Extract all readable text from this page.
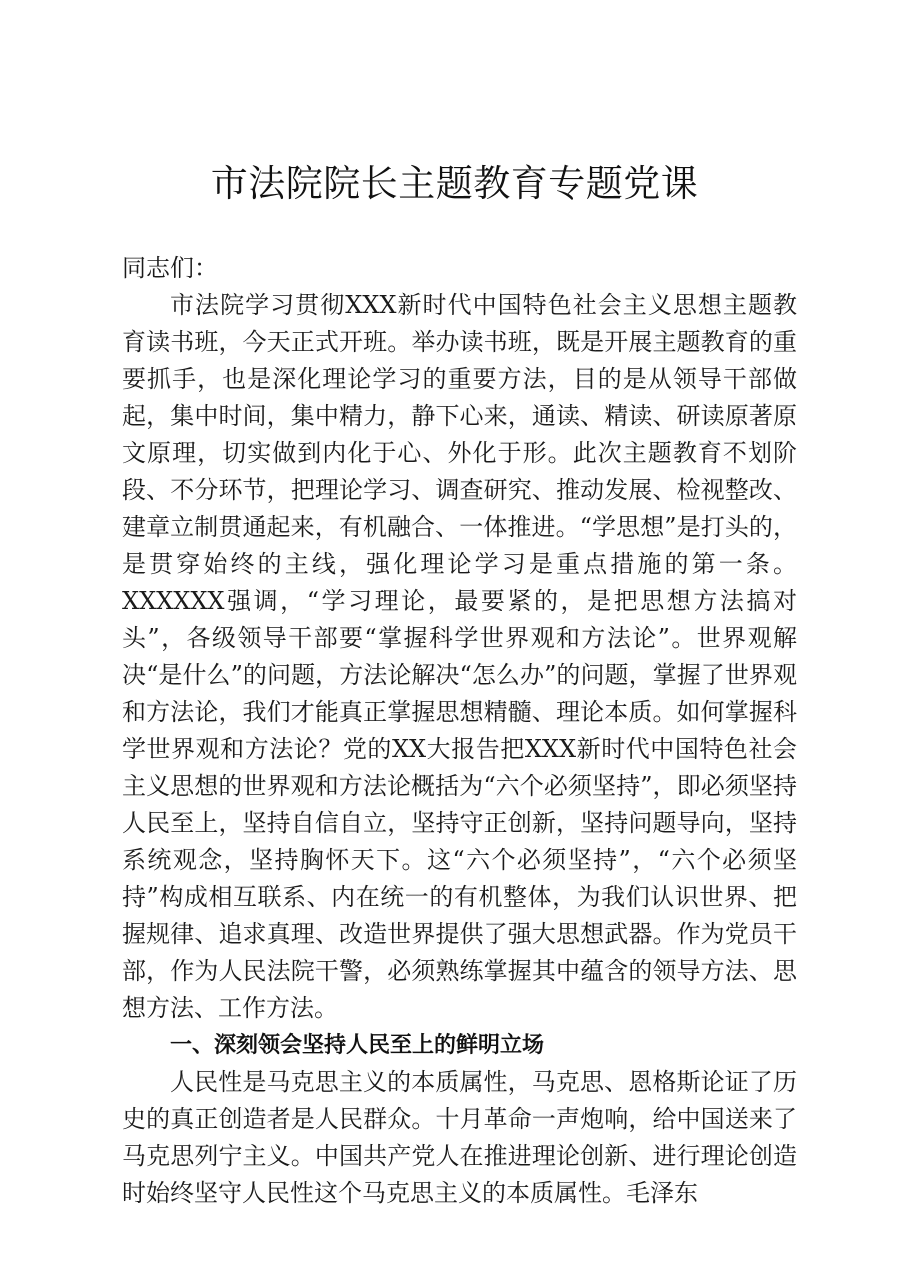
市法院院长主题教育专题党课

同志们：

市法院学习贯彻XXX新时代中国特色社会主义思想主题教育读书班，今天正式开班。举办读书班，既是开展主题教育的重要抓手，也是深化理论学习的重要方法，目的是从领导干部做起，集中时间，集中精力，静下心来，通读、精读、研读原著原文原理，切实做到内化于心、外化于形。此次主题教育不划阶段、不分环节，把理论学习、调查研究、推动发展、检视整改、建章立制贯通起来，有机融合、一体推进。“学思想”是打头的，是贯穿始终的主线，强化理论学习是重点措施的第一条。XXXXXX强调，“学习理论，最要紧的，是把思想方法搞对头”，各级领导干部要“掌握科学世界观和方法论”。世界观解决“是什么”的问题，方法论解决“怎么办”的问题，掌握了世界观和方法论，我们才能真正掌握思想精髓、理论本质。如何掌握科学世界观和方法论？党的XX大报告把XXX新时代中国特色社会主义思想的世界观和方法论概括为“六个必须坚持”，即必须坚持人民至上，坚持自信自立，坚持守正创新，坚持问题导向，坚持系统观念，坚持胸怀天下。这“六个必须坚持”，“六个必须坚持”构成相互联系、内在统一的有机整体，为我们认识世界、把握规律、追求真理、改造世界提供了强大思想武器。作为党员干部，作为人民法院干警，必须熟练掌握其中蕴含的领导方法、思想方法、工作方法。

一、深刻领会坚持人民至上的鲜明立场

人民性是马克思主义的本质属性，马克思、恩格斯论证了历史的真正创造者是人民群众。十月革命一声炮响，给中国送来了马克思列宁主义。中国共产党人在推进理论创新、进行理论创造时始终坚守人民性这个马克思主义的本质属性。毛泽东
